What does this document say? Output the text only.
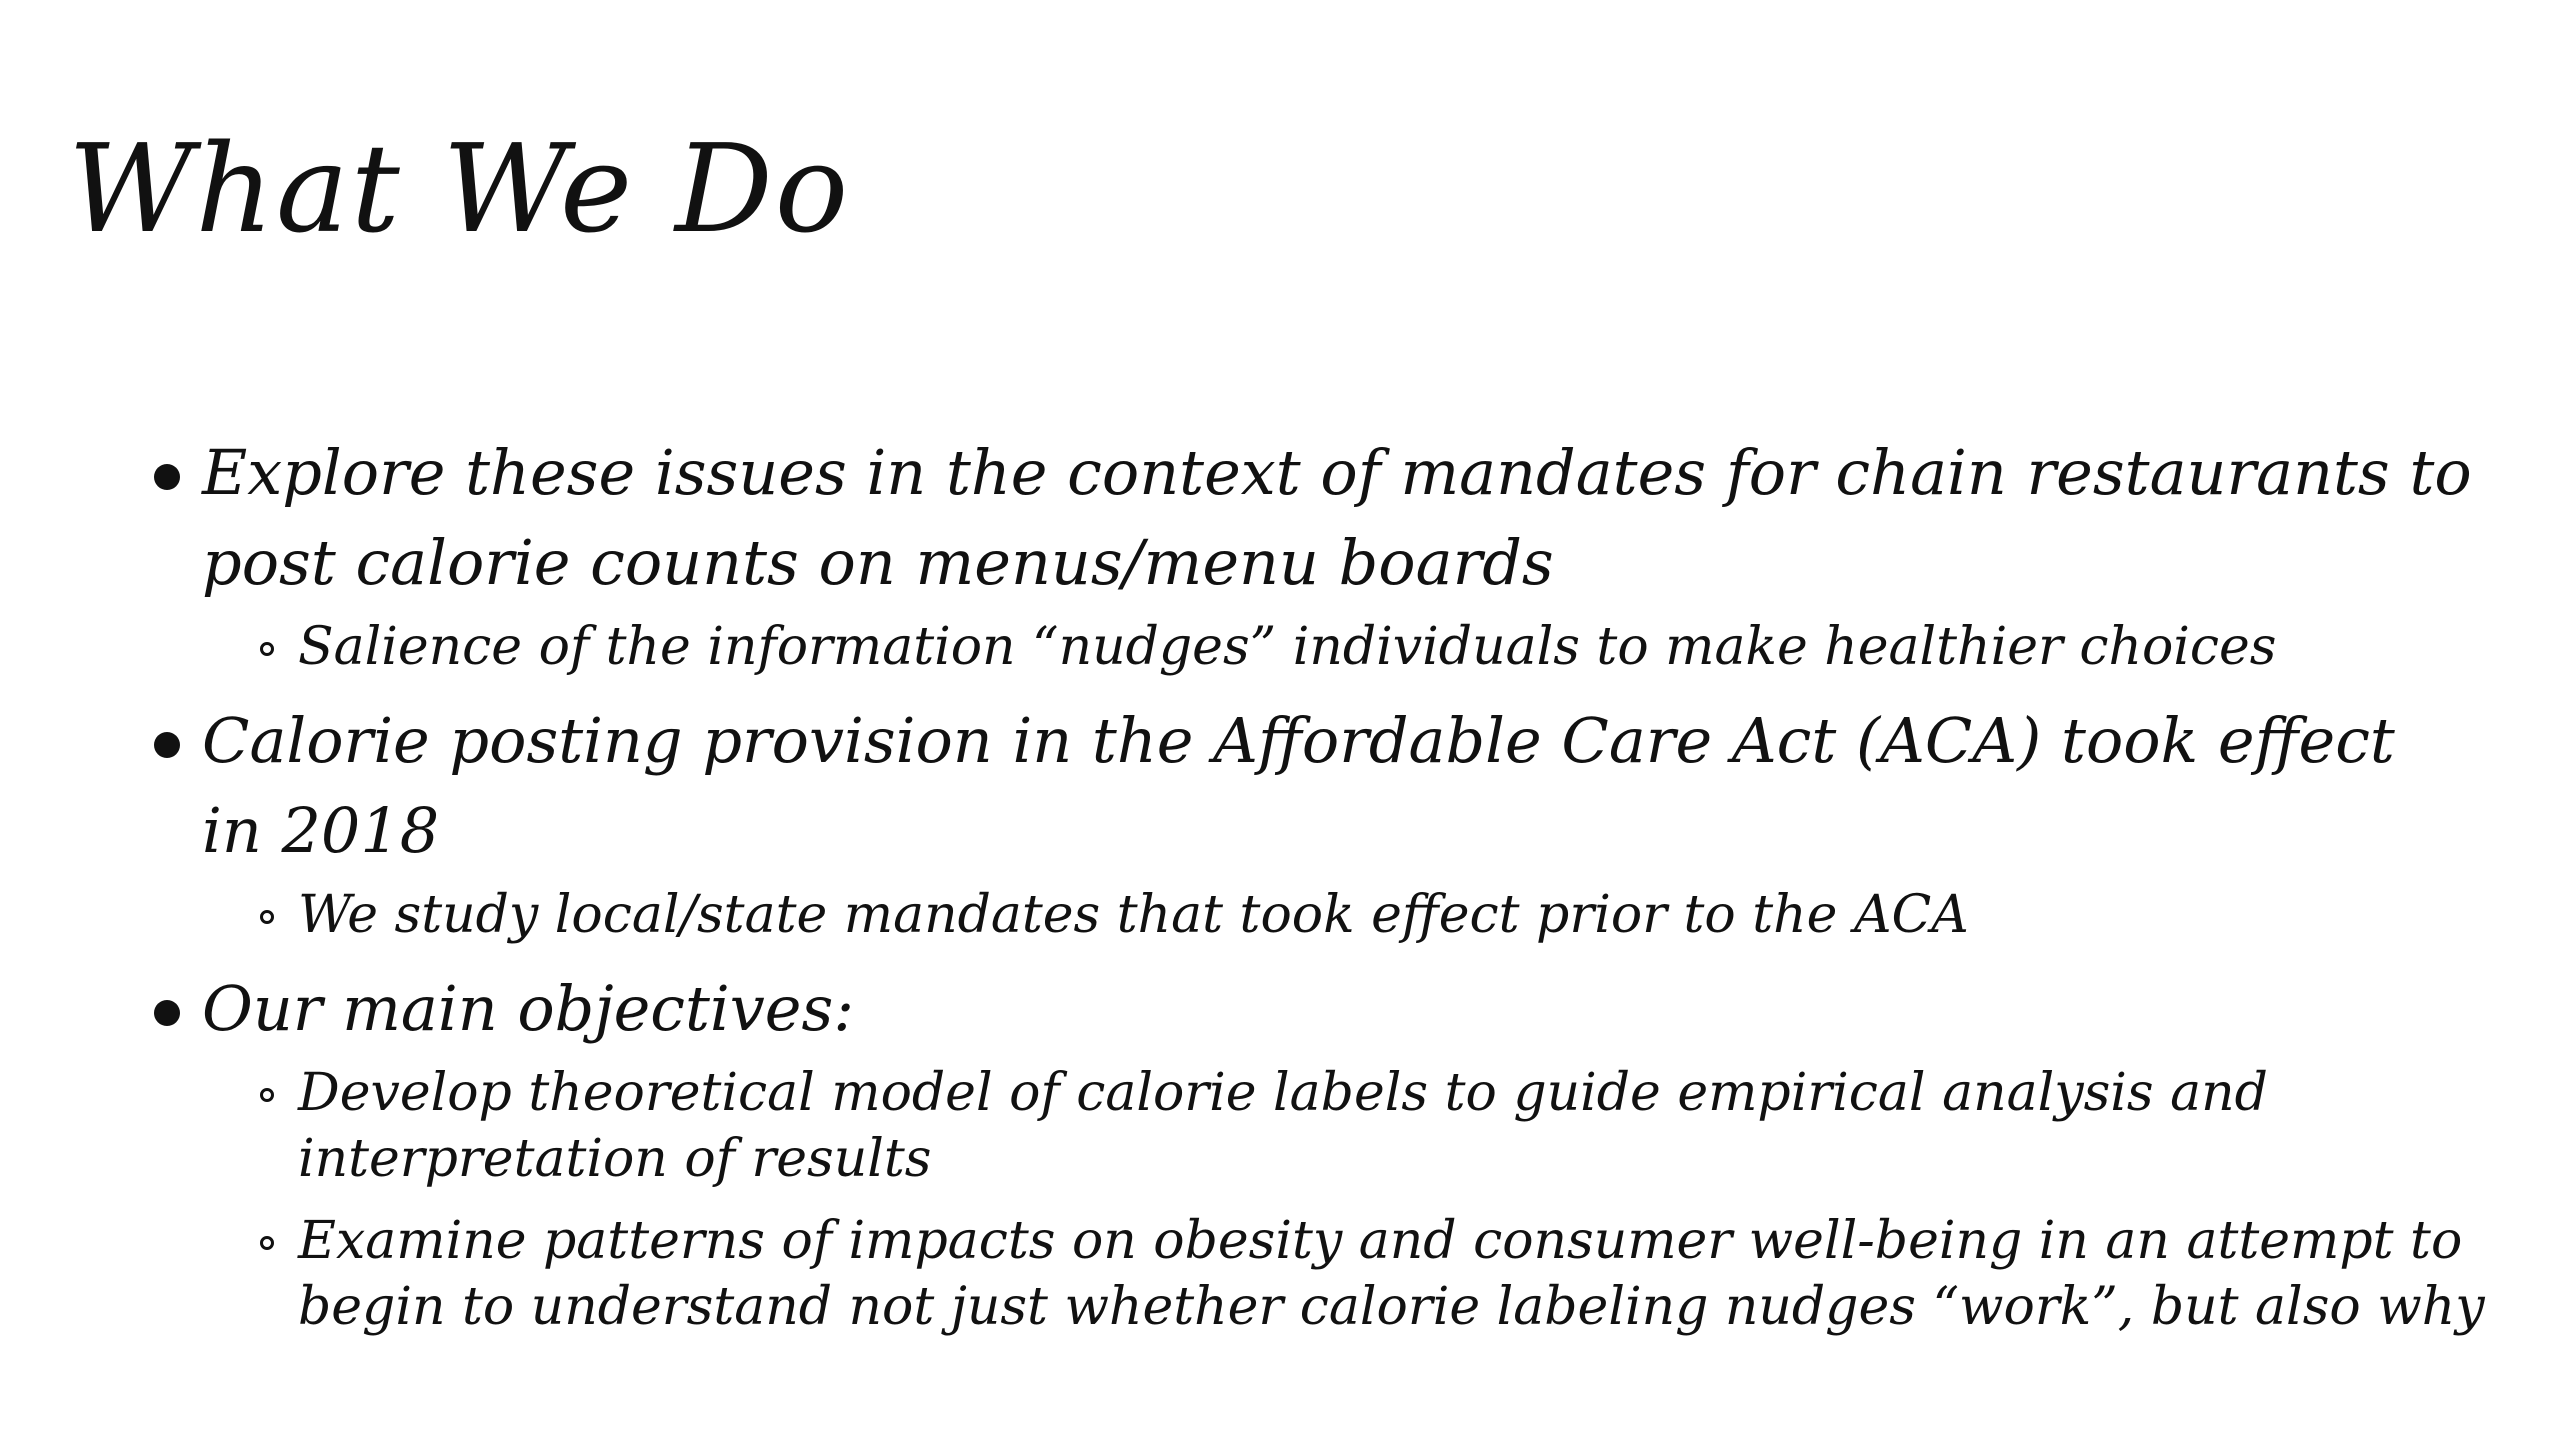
What We Do
Explore these issues in the context of mandates for chain restaurants to post calorie counts on menus/menu boards
Salience of the information “nudges” individuals to make healthier choices
Calorie posting provision in the Affordable Care Act (ACA) took effect in 2018
We study local/state mandates that took effect prior to the ACA
Our main objectives:
Develop theoretical model of calorie labels to guide empirical analysis and interpretation of results
Examine patterns of impacts on obesity and consumer well-being in an attempt to begin to understand not just whether calorie labeling nudges “work”, but also why
